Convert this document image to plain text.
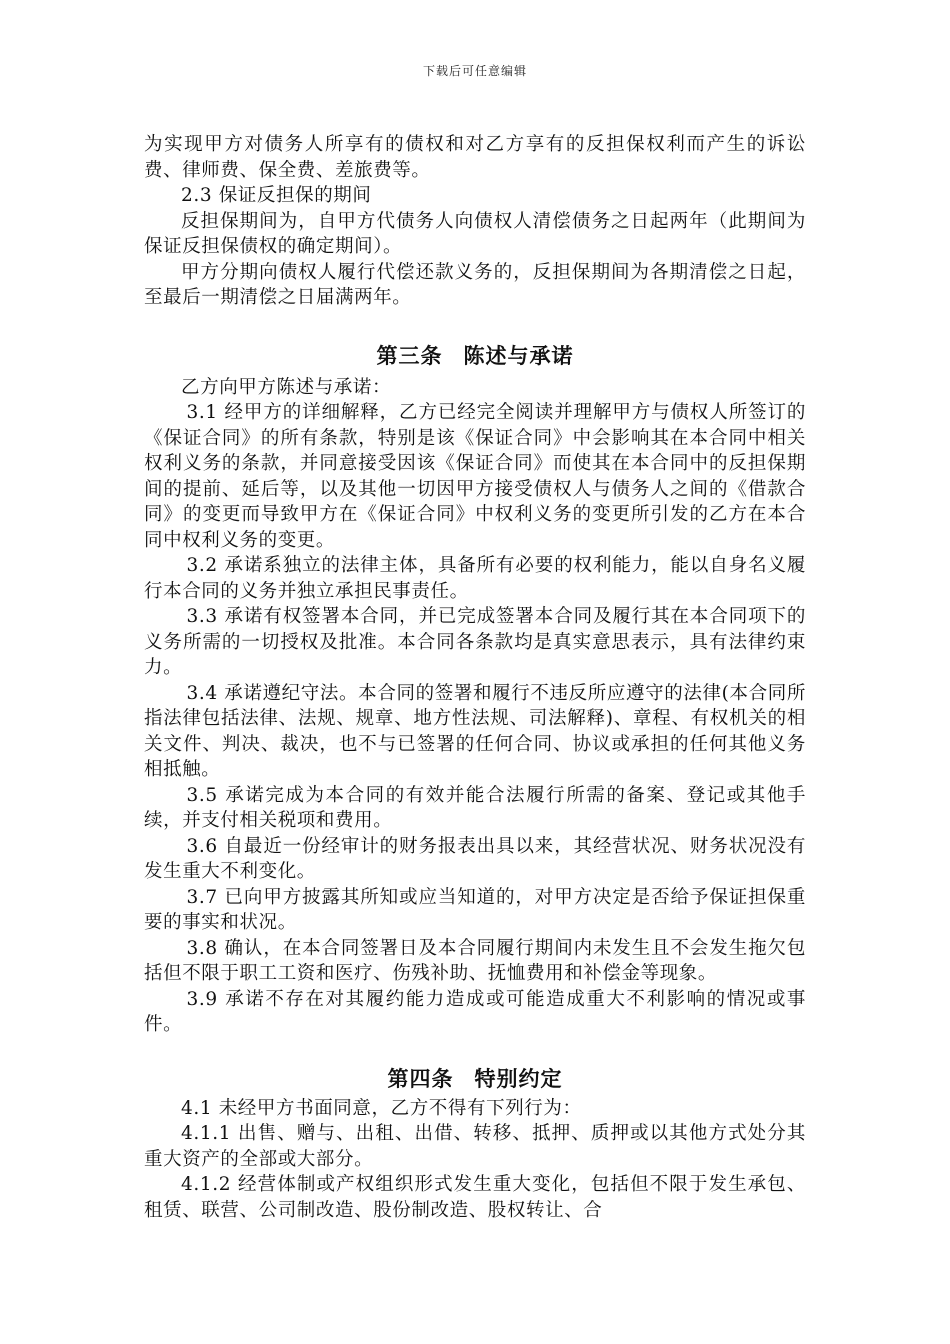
下载后可任意编辑

为实现甲方对债务人所享有的债权和对乙方享有的反担保权利而产生的诉讼费、律师费、保全费、差旅费等。

2.3 保证反担保的期间

反担保期间为，自甲方代债务人向债权人清偿债务之日起两年（此期间为保证反担保债权的确定期间）。

甲方分期向债权人履行代偿还款义务的，反担保期间为各期清偿之日起，至最后一期清偿之日届满两年。

第三条 陈述与承诺

乙方向甲方陈述与承诺：

3.1 经甲方的详细解释，乙方已经完全阅读并理解甲方与债权人所签订的《保证合同》的所有条款，特别是该《保证合同》中会影响其在本合同中相关权利义务的条款，并同意接受因该《保证合同》而使其在本合同中的反担保期间的提前、延后等，以及其他一切因甲方接受债权人与债务人之间的《借款合同》的变更而导致甲方在《保证合同》中权利义务的变更所引发的乙方在本合同中权利义务的变更。

3.2 承诺系独立的法律主体，具备所有必要的权利能力，能以自身名义履行本合同的义务并独立承担民事责任。

3.3 承诺有权签署本合同，并已完成签署本合同及履行其在本合同项下的义务所需的一切授权及批准。本合同各条款均是真实意思表示，具有法律约束力。

3.4 承诺遵纪守法。本合同的签署和履行不违反所应遵守的法律(本合同所指法律包括法律、法规、规章、地方性法规、司法解释)、章程、有权机关的相关文件、判决、裁决，也不与已签署的任何合同、协议或承担的任何其他义务相抵触。

3.5 承诺完成为本合同的有效并能合法履行所需的备案、登记或其他手续，并支付相关税项和费用。

3.6 自最近一份经审计的财务报表出具以来，其经营状况、财务状况没有发生重大不利变化。

3.7 已向甲方披露其所知或应当知道的，对甲方决定是否给予保证担保重要的事实和状况。

3.8 确认，在本合同签署日及本合同履行期间内未发生且不会发生拖欠包括但不限于职工工资和医疗、伤残补助、抚恤费用和补偿金等现象。

3.9 承诺不存在对其履约能力造成或可能造成重大不利影响的情况或事件。

第四条 特别约定

4.1 未经甲方书面同意，乙方不得有下列行为：

4.1.1 出售、赠与、出租、出借、转移、抵押、质押或以其他方式处分其重大资产的全部或大部分。

4.1.2 经营体制或产权组织形式发生重大变化，包括但不限于发生承包、租赁、联营、公司制改造、股份制改造、股权转让、合
